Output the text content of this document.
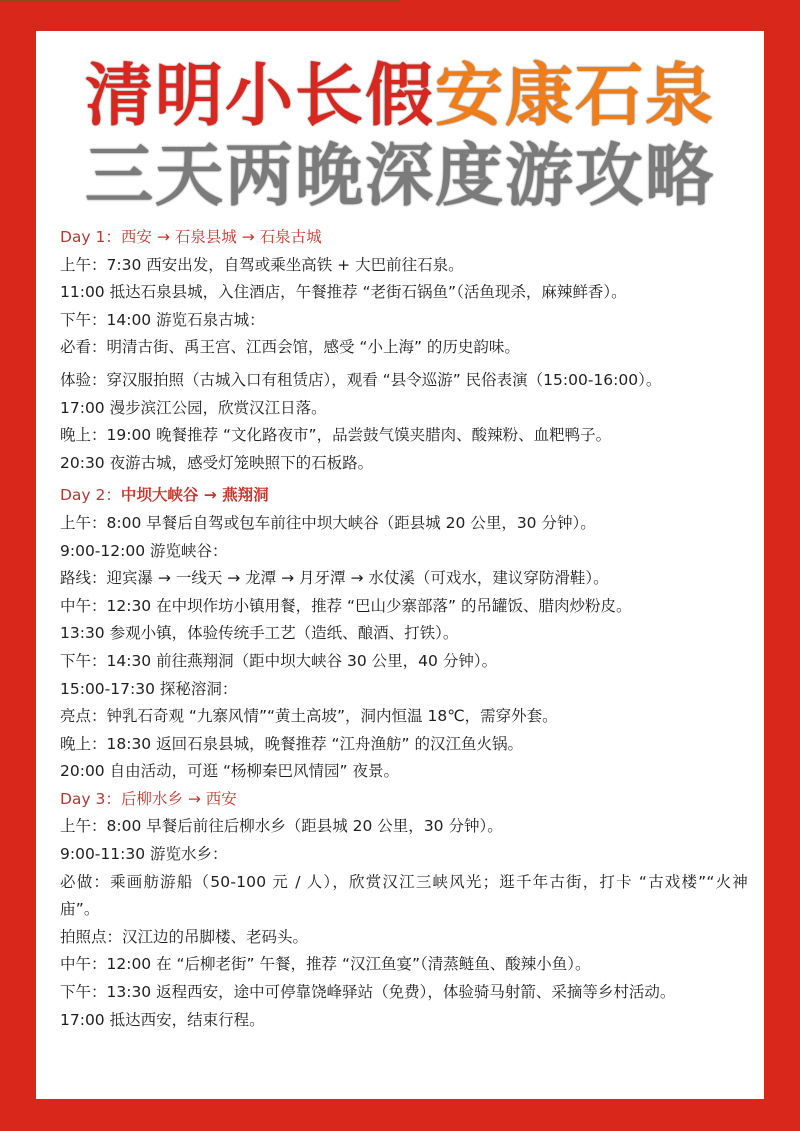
清明小长假安康石泉
三天两晚深度游攻略
Day 1：西安 → 石泉县城 → 石泉古城
上午：7:30 西安出发，自驾或乘坐高铁 + 大巴前往石泉。
11:00 抵达石泉县城，入住酒店，午餐推荐 “老街石锅鱼”（活鱼现杀，麻辣鲜香）。
下午：14:00 游览石泉古城：
必看：明清古街、禹王宫、江西会馆，感受 “小上海” 的历史韵味。
体验：穿汉服拍照（古城入口有租赁店），观看 “县令巡游” 民俗表演（15:00-16:00）。
17:00 漫步滨江公园，欣赏汉江日落。
晚上：19:00 晚餐推荐 “文化路夜市”，品尝鼓气馍夹腊肉、酸辣粉、血粑鸭子。
20:30 夜游古城，感受灯笼映照下的石板路。
Day 2：中坝大峡谷 → 燕翔洞
上午：8:00 早餐后自驾或包车前往中坝大峡谷（距县城 20 公里，30 分钟）。
9:00-12:00 游览峡谷：
路线：迎宾瀑 → 一线天 → 龙潭 → 月牙潭 → 水仗溪（可戏水，建议穿防滑鞋）。
中午：12:30 在中坝作坊小镇用餐，推荐 “巴山少寨部落” 的吊罐饭、腊肉炒粉皮。
13:30 参观小镇，体验传统手工艺（造纸、酿酒、打铁）。
下午：14:30 前往燕翔洞（距中坝大峡谷 30 公里，40 分钟）。
15:00-17:30 探秘溶洞：
亮点：钟乳石奇观 “九寨风情”“黄土高坡”，洞内恒温 18℃，需穿外套。
晚上：18:30 返回石泉县城，晚餐推荐 “江舟渔舫” 的汉江鱼火锅。
20:00 自由活动，可逛 “杨柳秦巴风情园” 夜景。
Day 3：后柳水乡 → 西安
上午：8:00 早餐后前往后柳水乡（距县城 20 公里，30 分钟）。
9:00-11:30 游览水乡：
必做：乘画舫游船（50-100 元 / 人），欣赏汉江三峡风光；逛千年古街，打卡 “古戏楼”“火神庙”。
拍照点：汉江边的吊脚楼、老码头。
中午：12:00 在 “后柳老街” 午餐，推荐 “汉江鱼宴”（清蒸鲢鱼、酸辣小鱼）。
下午：13:30 返程西安，途中可停靠饶峰驿站（免费），体验骑马射箭、采摘等乡村活动。
17:00 抵达西安，结束行程。
